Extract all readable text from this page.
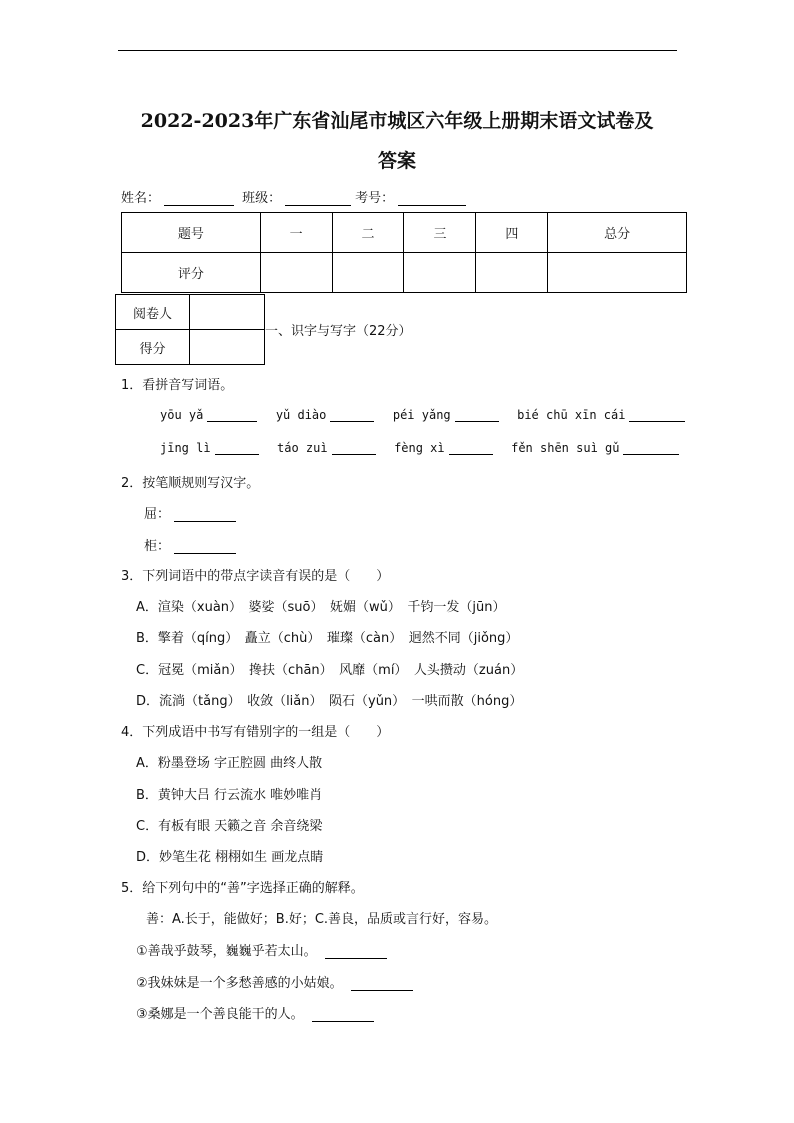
2022-2023年广东省汕尾市城区六年级上册期末语文试卷及
答案
姓名：	班级：	考号：
题号	一	二	三	四	总分
评分					
阅卷人	
得分	
一、识字与写字（22分）
1．看拼音写词语。
yōu yǎ	yǔ diào	péi yǎng	bié chū xīn cái
jīng lì	táo zuì	fèng xì	fěn shēn suì gǔ
2．按笔顺规则写汉字。
屈：
柜：
3．下列词语中的带点字读音有误的是（　　）
A．渲染（xuàn）　婆娑（suō）　妩媚（wǔ）　千钧一发（jūn）
B．擎着（qíng）　矗立（chù）　璀璨（càn）　迥然不同（jiǒng）
C．冠冕（miǎn）　搀扶（chān）　风靡（mí）　人头攒动（zuán）
D．流淌（tǎng）　收敛（liǎn）　陨石（yǔn）　一哄而散（hóng）
4．下列成语中书写有错别字的一组是（　　）
A．粉墨登场 字正腔圆 曲终人散
B．黄钟大吕 行云流水 唯妙唯肖
C．有板有眼 天籁之音 余音绕梁
D．妙笔生花 栩栩如生 画龙点睛
5．给下列句中的“善”字选择正确的解释。
善：A.长于，能做好；B.好；C.善良，品质或言行好，容易。
①善哉乎鼓琴，巍巍乎若太山。
②我妹妹是一个多愁善感的小姑娘。
③桑娜是一个善良能干的人。
